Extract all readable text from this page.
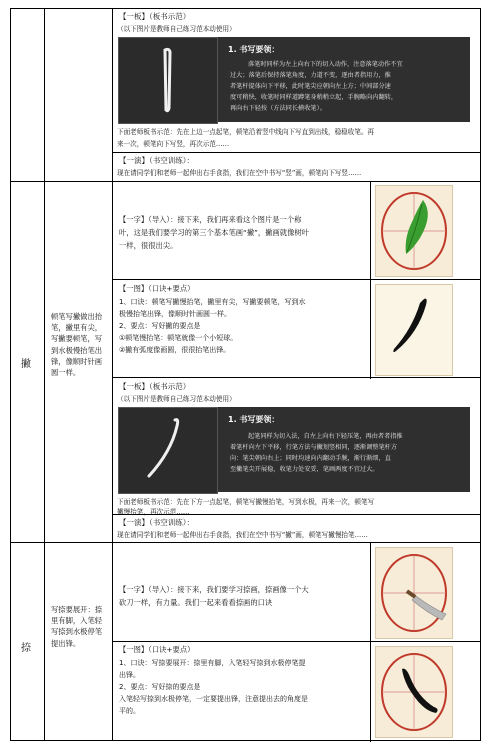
【一板】（板书示范）
（以下图片是教师自己练习范本动使用）
1. 书写要领：
落笔时同样为左上向右下的切入动作，注意落笔动作不宜
过大；落笔后保持落笔角度，力道不变，逐由者指用力，推
者笔杆提体向下平移，此时笔尖应朝向左上方；中间部分速
度可稍快，收笔时同样道蹲笔身稍稍立起，手腕略向内翻转，
再向右下轻按（方法同长横收笔）。
下面老师板书示范：先在上边一点起笔，顿笔沿着竖中线向下写直到出线，稳稳收笔。再
来一次，顿笔向下写竖，再次示范……
【一演】（书空训练）：
现在请同学们和老师一起伸出右手食指，我们在空中书写“竖”画，顿笔向下写竖……
撇
顿笔写撇做出抬笔，撇里有尖，写撇要顿笔，写到水极慢抬笔出锋，像顺时针画圆一样。
【一字】（导入）：接下来，我们再来看这个图片是一个称
叶，这是我们要学习的第三个基本笔画“撇”，撇画就像树叶
一样，很很出尖。
【一图】（口诀+要点）
1、口诀：顿笔写撇慢抬笔，撇里有尖，写撇要顿笔，写到水
极慢抬笔出锋，像顺时针画圆一样。
2、要点：写好撇的要点是
①顿笔慢抬笔：顿笔就像一个小短球。
②撇有弧度像画圆，很很抬笔出锋。
【一板】（板书示范）
（以下图片是教师自己练习范本动使用）
1. 书写要领：
起笔同样为切入法，自左上向右下轻压笔，再由者者指推
着笔杆向左下平移，行笔方法与撇划竖相同，逐渐调整笔杆方
向：笔尖朝向右上；同时均速向内翻动手腕，渐行渐细，直
至撇笔尖开展稳，收笔力处安妥，笔画两度不宜过大。
下面老师板书示范：先在下方一点起笔，顿笔写撇慢抬笔，写到水极，再来一次，顿笔写
撇慢抬笔，再次示范……
【一演】（书空训练）：
现在请同学们和老师一起伸出右手食指，我们在空中书写“撇”画，顿笔写撇慢抬笔……
捺
写捺要展开：捺里有脚，入笔轻写捺到水极停笔提出锋。
【一字】（导入）：接下来，我们要学习捺画，捺画像一个大
砍刀一样，有力量。我们一起来看看捺画的口诀
【一图】（口诀+要点）
1、口诀：写捺要展开：捺里有脚，入笔轻写捺到水极停笔提
出锋。
2、要点：写好捺的要点是
入笔轻写捺到水极停笔，一定要提出锋，注意提出去的角度是
平的。
